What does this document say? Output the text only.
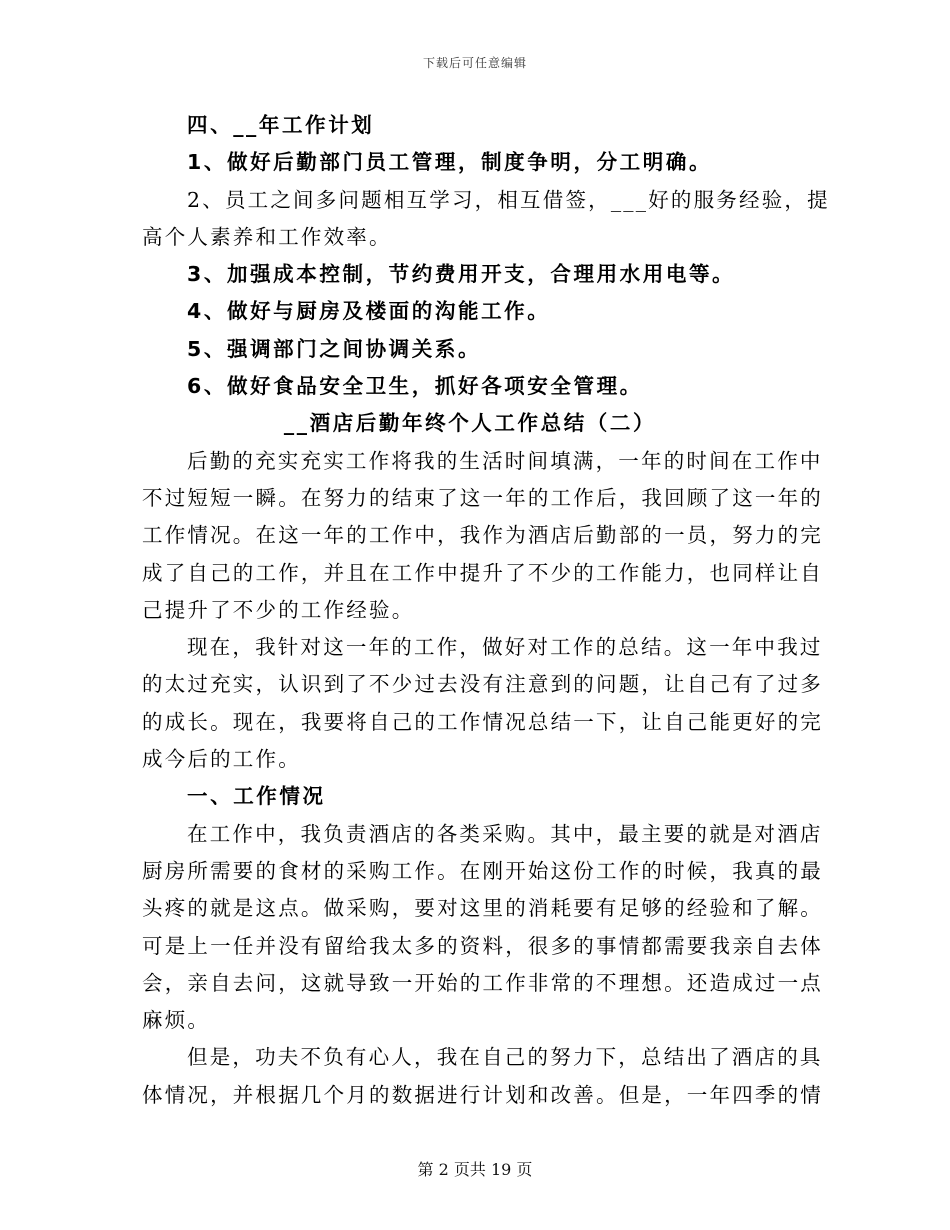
下载后可任意编辑
四、__年工作计划
1、做好后勤部门员工管理，制度争明，分工明确。
2、员工之间多问题相互学习，相互借签，___好的服务经验，提
高个人素养和工作效率。
3、加强成本控制，节约费用开支，合理用水用电等。
4、做好与厨房及楼面的沟能工作。
5、强调部门之间协调关系。
6、做好食品安全卫生，抓好各项安全管理。
__酒店后勤年终个人工作总结（二）
后勤的充实充实工作将我的生活时间填满，一年的时间在工作中
不过短短一瞬。在努力的结束了这一年的工作后，我回顾了这一年的
工作情况。在这一年的工作中，我作为酒店后勤部的一员，努力的完
成了自己的工作，并且在工作中提升了不少的工作能力，也同样让自
己提升了不少的工作经验。
现在，我针对这一年的工作，做好对工作的总结。这一年中我过
的太过充实，认识到了不少过去没有注意到的问题，让自己有了过多
的成长。现在，我要将自己的工作情况总结一下，让自己能更好的完
成今后的工作。
一、工作情况
在工作中，我负责酒店的各类采购。其中，最主要的就是对酒店
厨房所需要的食材的采购工作。在刚开始这份工作的时候，我真的最
头疼的就是这点。做采购，要对这里的消耗要有足够的经验和了解。
可是上一任并没有留给我太多的资料，很多的事情都需要我亲自去体
会，亲自去问，这就导致一开始的工作非常的不理想。还造成过一点
麻烦。
但是，功夫不负有心人，我在自己的努力下，总结出了酒店的具
体情况，并根据几个月的数据进行计划和改善。但是，一年四季的情
第 2 页共 19 页
